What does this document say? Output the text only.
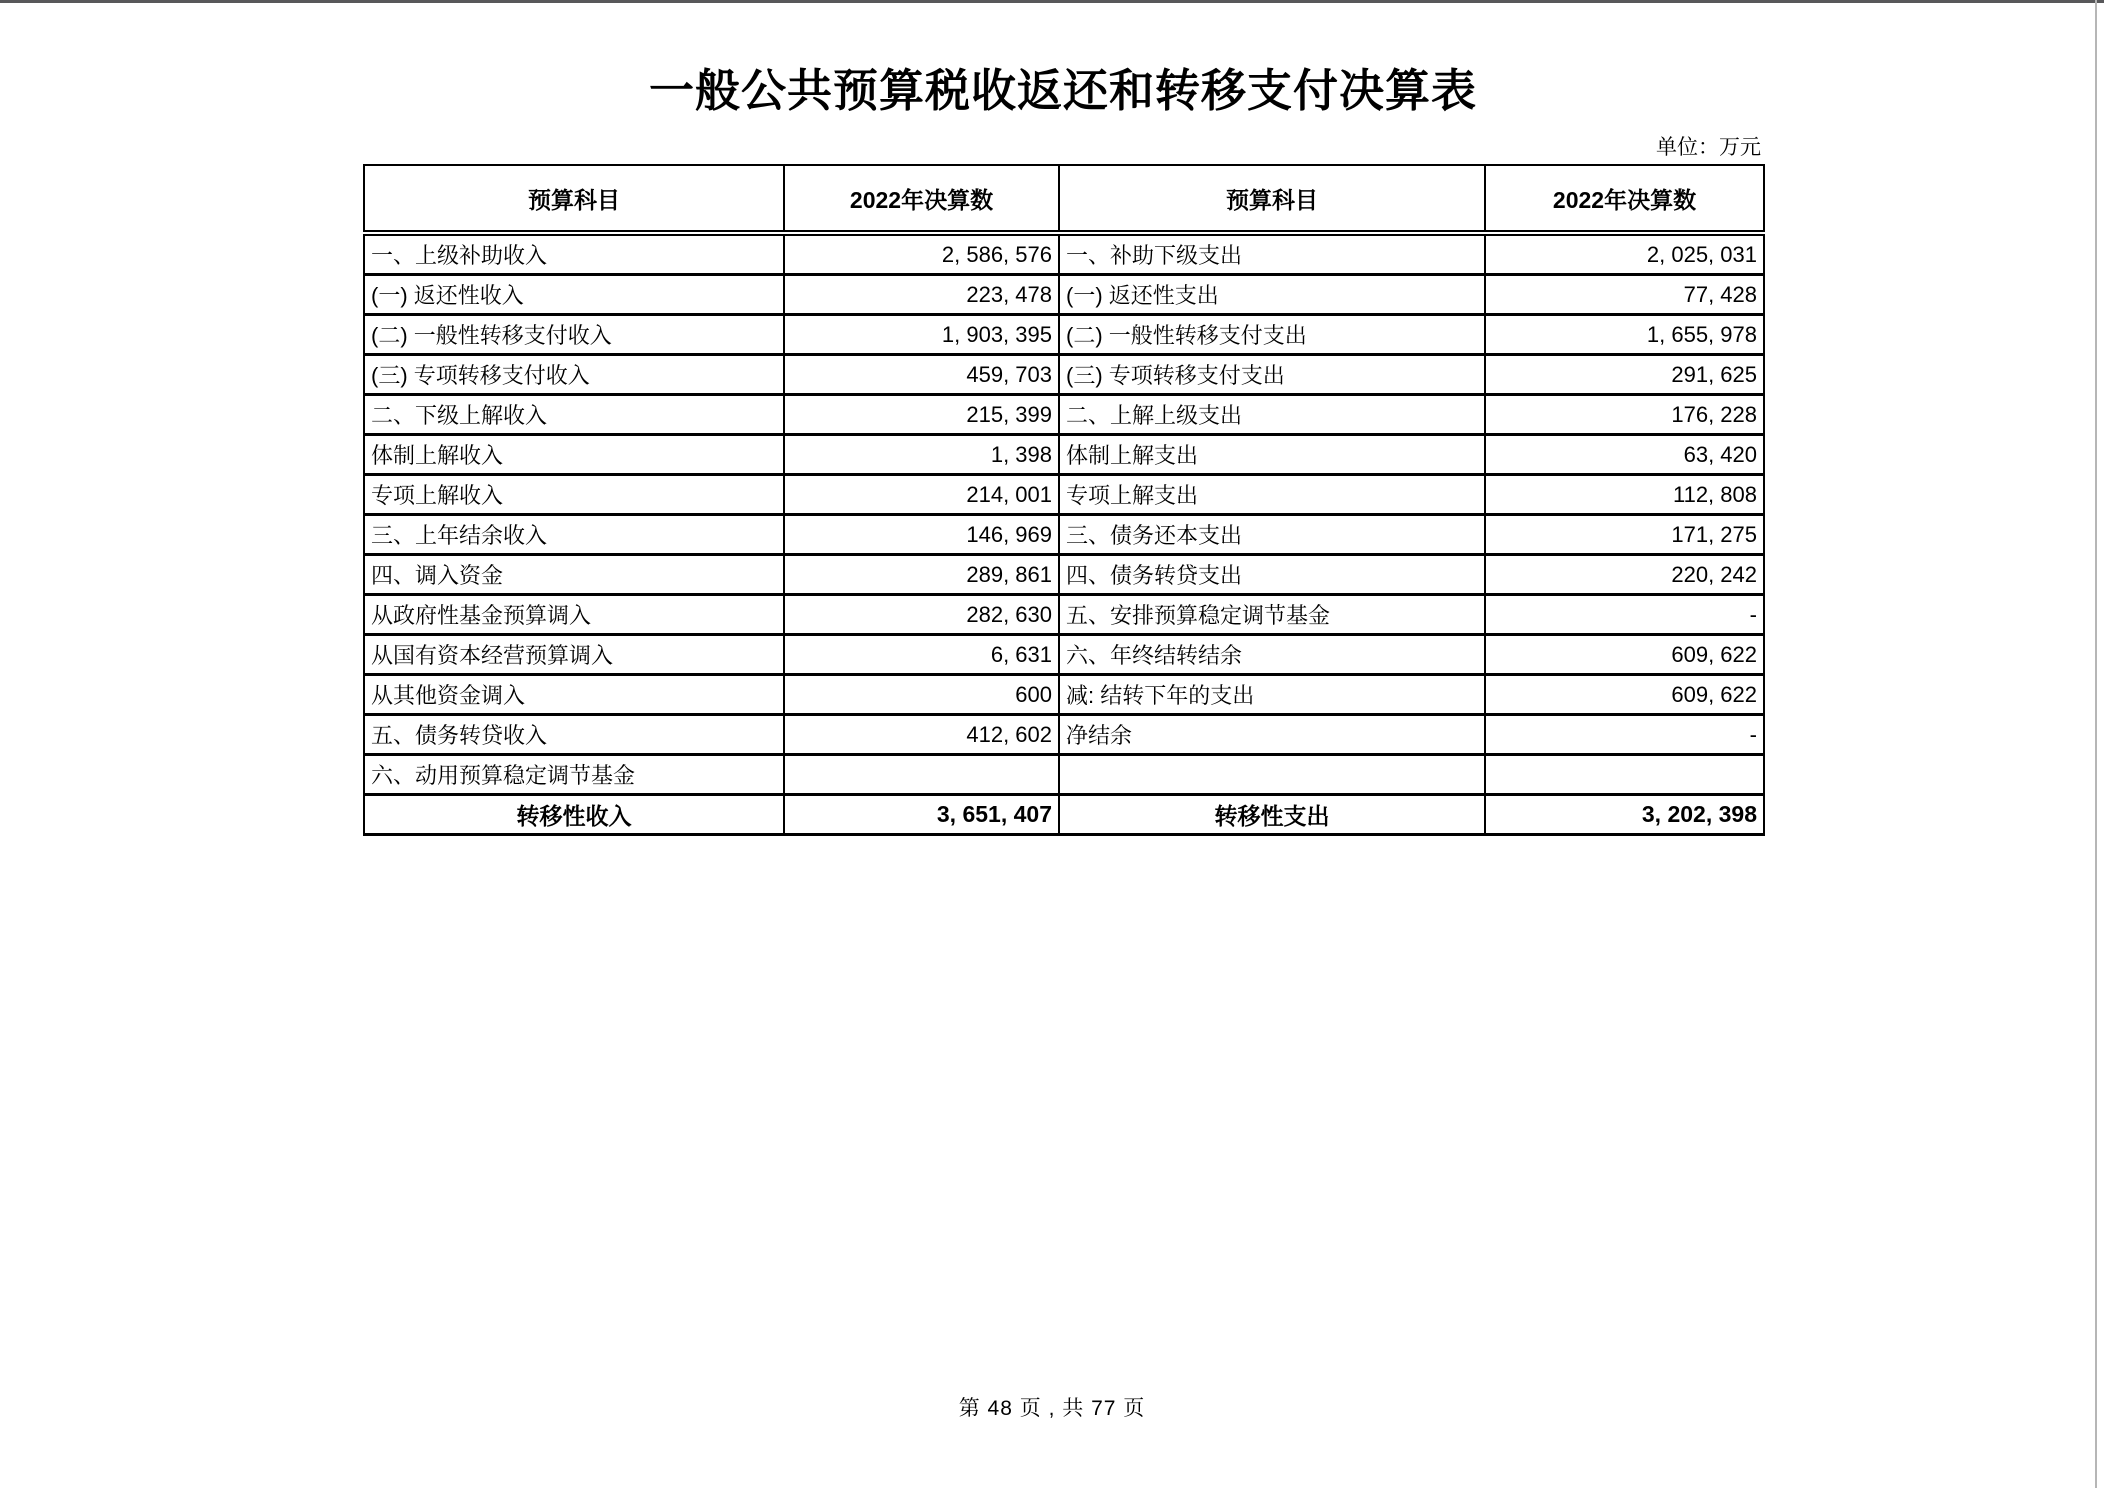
一般公共预算税收返还和转移支付决算表
单位：万元
预算科目	2022年决算数	预算科目	2022年决算数
一、上级补助收入	2, 586, 576	一、补助下级支出	2, 025, 031
(一) 返还性收入	223, 478	(一) 返还性支出	77, 428
(二) 一般性转移支付收入	1, 903, 395	(二) 一般性转移支付支出	1, 655, 978
(三) 专项转移支付收入	459, 703	(三) 专项转移支付支出	291, 625
二、下级上解收入	215, 399	二、上解上级支出	176, 228
体制上解收入	1, 398	体制上解支出	63, 420
专项上解收入	214, 001	专项上解支出	112, 808
三、上年结余收入	146, 969	三、债务还本支出	171, 275
四、调入资金	289, 861	四、债务转贷支出	220, 242
从政府性基金预算调入	282, 630	五、安排预算稳定调节基金	-
从国有资本经营预算调入	6, 631	六、年终结转结余	609, 622
从其他资金调入	600	减: 结转下年的支出	609, 622
五、债务转贷收入	412, 602	净结余	-
六、动用预算稳定调节基金			
转移性收入	3, 651, 407	转移性支出	3, 202, 398
第 48 页 , 共 77 页
